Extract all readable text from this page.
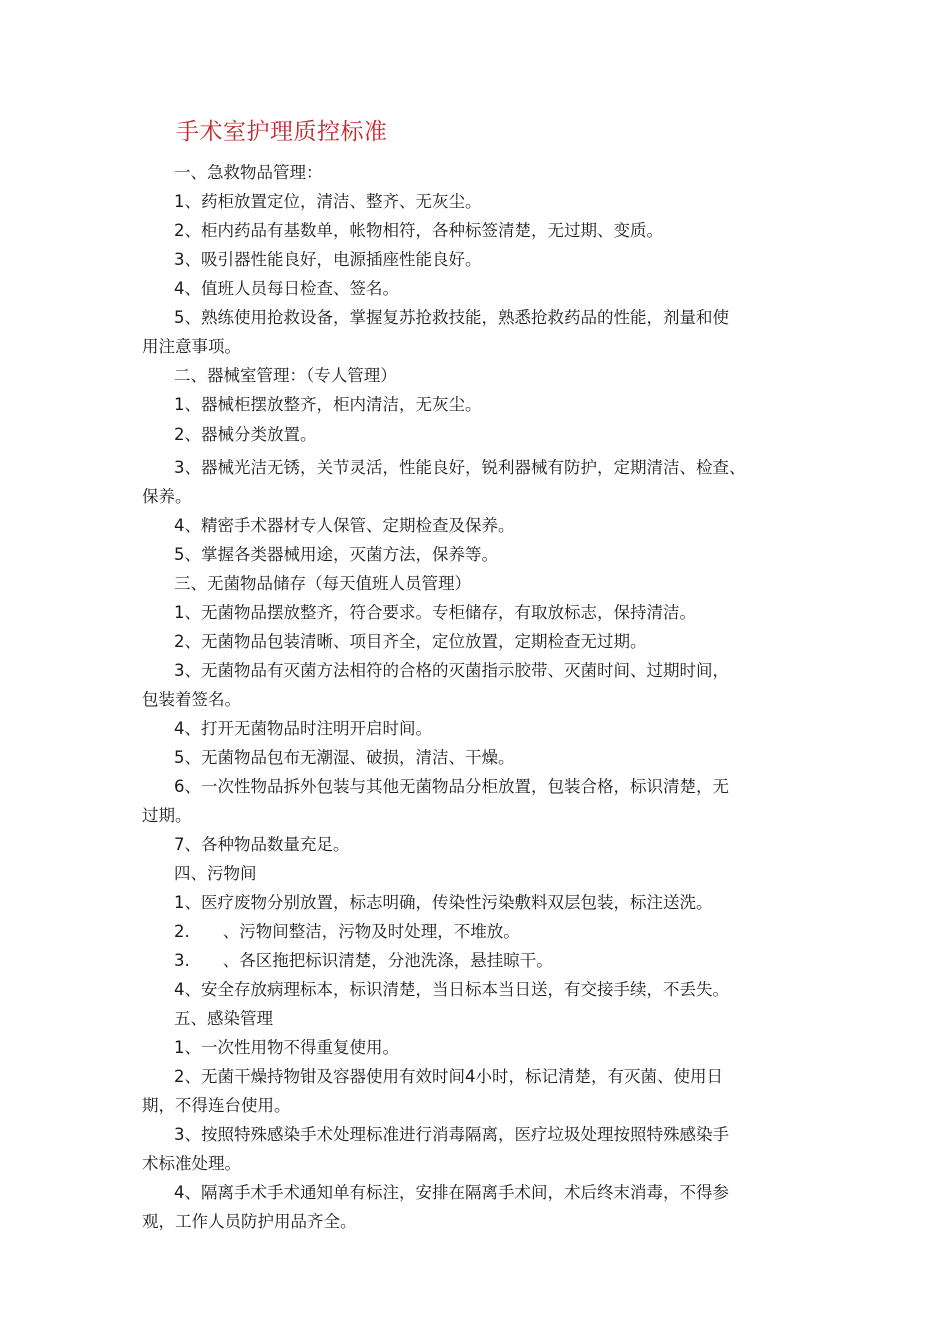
手术室护理质控标准
一、急救物品管理：
1、药柜放置定位，清洁、整齐、无灰尘。
2、柜内药品有基数单，帐物相符，各种标签清楚，无过期、变质。
3、吸引器性能良好，电源插座性能良好。
4、值班人员每日检查、签名。
5、熟练使用抢救设备，掌握复苏抢救技能，熟悉抢救药品的性能，剂量和使
用注意事项。
二、器械室管理：（专人管理）
1、器械柜摆放整齐，柜内清洁，无灰尘。
2、器械分类放置。
3、器械光洁无锈，关节灵活，性能良好，锐利器械有防护，定期清洁、检查、
保养。
4、精密手术器材专人保管、定期检查及保养。
5、掌握各类器械用途，灭菌方法，保养等。
三、无菌物品储存（每天值班人员管理）
1、无菌物品摆放整齐，符合要求。专柜储存，有取放标志，保持清洁。
2、无菌物品包装清晰、项目齐全，定位放置，定期检查无过期。
3、无菌物品有灭菌方法相符的合格的灭菌指示胶带、灭菌时间、过期时间，
包装着签名。
4、打开无菌物品时注明开启时间。
5、无菌物品包布无潮湿、破损，清洁、干燥。
6、一次性物品拆外包装与其他无菌物品分柜放置，包装合格，标识清楚，无
过期。
7、各种物品数量充足。
四、污物间
1、医疗废物分别放置，标志明确，传染性污染敷料双层包装，标注送洗。
2.　　、污物间整洁，污物及时处理，不堆放。
3.　　、各区拖把标识清楚，分池洗涤，悬挂晾干。
4、安全存放病理标本，标识清楚，当日标本当日送，有交接手续，不丢失。
五、感染管理
1、一次性用物不得重复使用。
2、无菌干燥持物钳及容器使用有效时间4小时，标记清楚，有灭菌、使用日
期，不得连台使用。
3、按照特殊感染手术处理标准进行消毒隔离，医疗垃圾处理按照特殊感染手
术标准处理。
4、隔离手术手术通知单有标注，安排在隔离手术间，术后终末消毒，不得参
观，工作人员防护用品齐全。
